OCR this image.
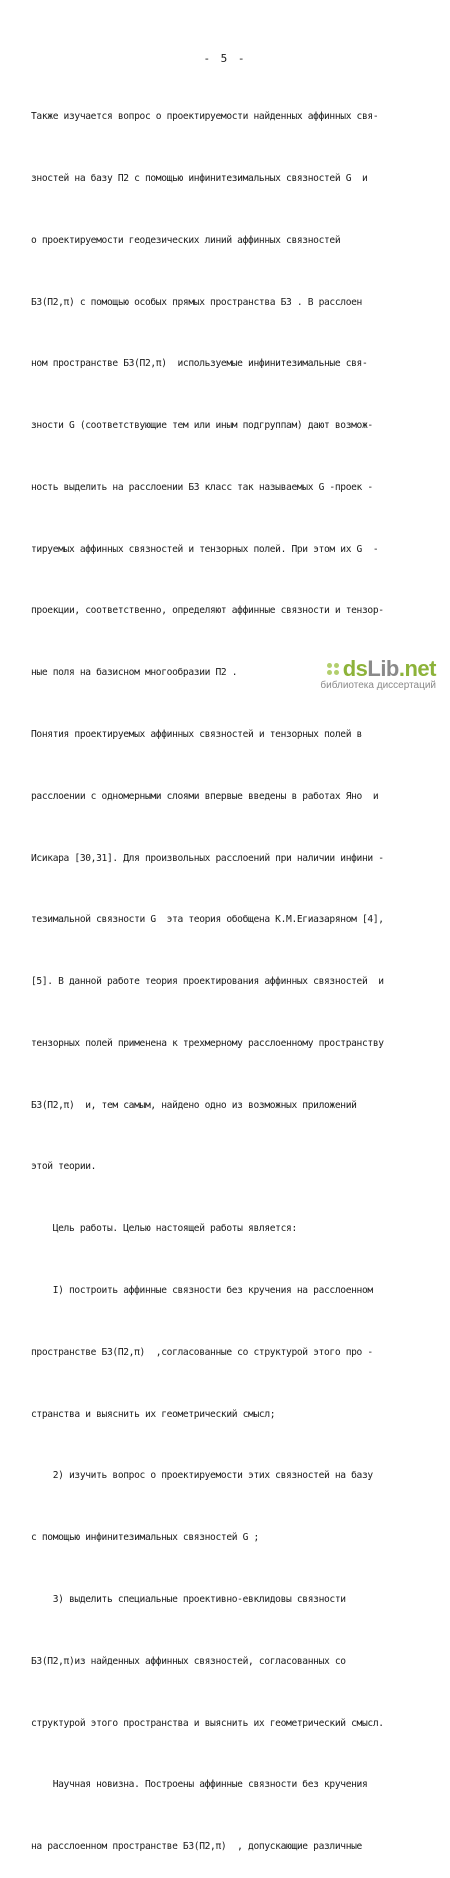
- 5 -

Также изучается вопрос о проектируемости найденных аффинных свя-

зностей на базу П2 с помощью инфинитезимальных связностей G  и

о проектируемости геодезических линий аффинных связностей

Б3(П2,π) с помощью особых прямых пространства Б3 . В расслоен

ном пространстве Б3(П2,π)  используемые инфинитезимальные свя-

зности G (соответствующие тем или иным подгруппам) дают возмож-

ность выделить на расслоении Б3 класс так называемых G -проек -

тируемых аффинных связностей и тензорных полей. При этом их G  -

проекции, соответственно, определяют аффинные связности и тензор-

ные поля на базисном многообразии П2 .

Понятия проектируемых аффинных связностей и тензорных полей в

расслоении с одномерными слоями впервые введены в работах Яно  и

Исикара [30,31]. Для произвольных расслоений при наличии инфини -

тезимальной связности G  эта теория обобщена К.М.Егиазаряном [4],

[5]. В данной работе теория проектирования аффинных связностей  и

тензорных полей применена к трехмерному расслоенному пространству

Б3(П2,π)  и, тем самым, найдено одно из возможных приложений

этой теории.

Цель работы. Целью настоящей работы является:

I) построить аффинные связности без кручения на расслоенном

пространстве Б3(П2,π)  ,согласованные со структурой этого про -

странства и выяснить их геометрический смысл;

2) изучить вопрос о проектируемости этих связностей на базу

с помощью инфинитезимальных связностей G ;

3) выделить специальные проективно-евклидовы связности

Б3(П2,π)из найденных аффинных связностей, согласованных со

структурой этого пространства и выяснить их геометрический смысл.

Научная новизна. Построены аффинные связности без кручения

на расслоенном пространстве Б3(П2,π)  , допускающие различные

dsLib.net
библиотека диссертаций
